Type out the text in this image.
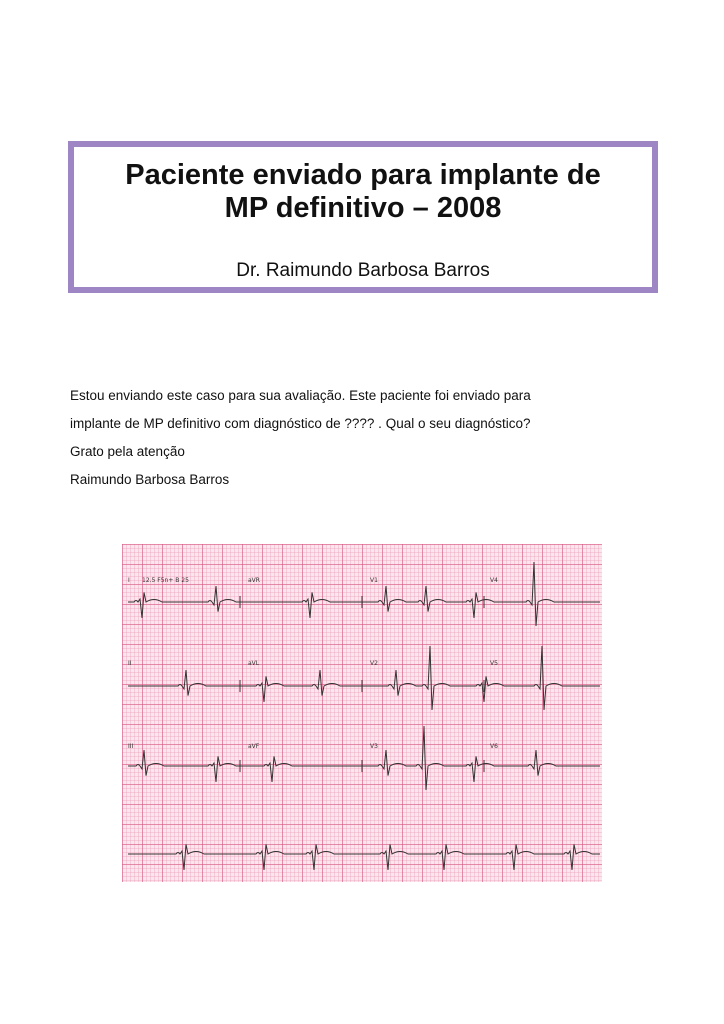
Paciente enviado para implante de
MP definitivo – 2008

Dr. Raimundo Barbosa Barros

Estou enviando este caso para sua avaliação. Este paciente foi enviado para

implante de MP definitivo com diagnóstico de ???? . Qual o seu diagnóstico?

Grato pela atenção

Raimundo Barbosa Barros

I 12.5 F5n+ B 25	aVR	V1	V4
II	aVL	V2	V5
III	aVF	V3	V6
